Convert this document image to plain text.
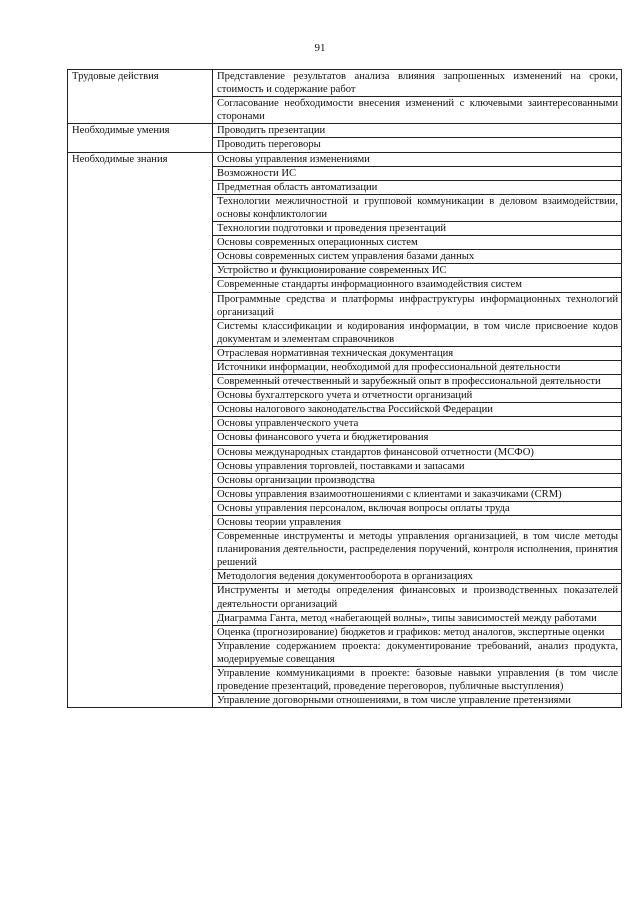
91
Трудовые действия	Представление результатов анализа влияния запрошенных изменений на сроки, стоимость и содержание работ

	Согласование необходимости внесения изменений с ключевыми заинтересованными сторонами

Необходимые умения	Проводить презентации

	Проводить переговоры

Необходимые знания	Основы управления изменениями

	Возможности ИС

	Предметная область автоматизации

	Технологии межличностной и групповой коммуникации в деловом взаимодействии, основы конфликтологии

	Технологии подготовки и проведения презентаций

	Основы современных операционных систем

	Основы современных систем управления базами данных

	Устройство и функционирование современных ИС

	Современные стандарты информационного взаимодействия систем

	Программные средства и платформы инфраструктуры информационных технологий организаций

	Системы классификации и кодирования информации, в том числе присвоение кодов документам и элементам справочников

	Отраслевая нормативная техническая документация

	Источники информации, необходимой для профессиональной деятельности

	Современный отечественный и зарубежный опыт в профессиональной деятельности

	Основы бухгалтерского учета и отчетности организаций

	Основы налогового законодательства Российской Федерации

	Основы управленческого учета

	Основы финансового учета и бюджетирования

	Основы международных стандартов финансовой отчетности (МСФО)

	Основы управления торговлей, поставками и запасами

	Основы организации производства

	Основы управления взаимоотношениями с клиентами и заказчиками (CRM)

	Основы управления персоналом, включая вопросы оплаты труда

	Основы теории управления

	Современные инструменты и методы управления организацией, в том числе методы планирования деятельности, распределения поручений, контроля исполнения, принятия решений

	Методология ведения документооборота в организациях

	Инструменты и методы определения финансовых и производственных показателей деятельности организаций

	Диаграмма Ганта, метод «набегающей волны», типы зависимостей между работами

	Оценка (прогнозирование) бюджетов и графиков: метод аналогов, экспертные оценки

	Управление содержанием проекта: документирование требований, анализ продукта, модерируемые совещания

	Управление коммуникациями в проекте: базовые навыки управления (в том числе проведение презентаций, проведение переговоров, публичные выступления)

	Управление договорными отношениями, в том числе управление претензиями
